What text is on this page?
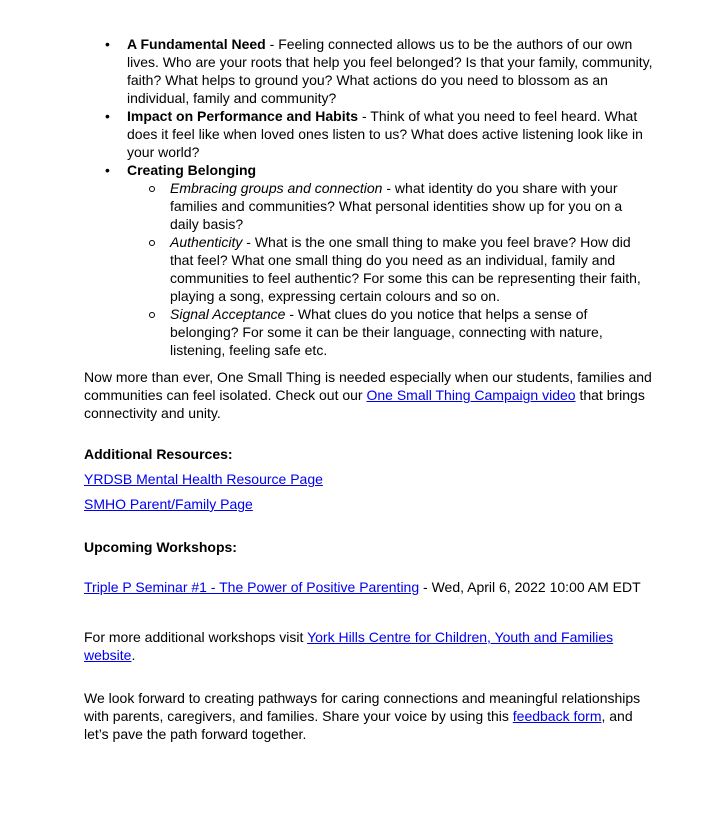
• A Fundamental Need - Feeling connected allows us to be the authors of our own lives. Who are your roots that help you feel belonged? Is that your family, community, faith? What helps to ground you? What actions do you need to blossom as an individual, family and community?
• Impact on Performance and Habits - Think of what you need to feel heard. What does it feel like when loved ones listen to us? What does active listening look like in your world?
• Creating Belonging
Embracing groups and connection - what identity do you share with your families and communities? What personal identities show up for you on a daily basis?
Authenticity - What is the one small thing to make you feel brave? How did that feel? What one small thing do you need as an individual, family and communities to feel authentic? For some this can be representing their faith, playing a song, expressing certain colours and so on.
Signal Acceptance - What clues do you notice that helps a sense of belonging? For some it can be their language, connecting with nature, listening, feeling safe etc.

Now more than ever, One Small Thing is needed especially when our students, families and communities can feel isolated. Check out our One Small Thing Campaign video that brings connectivity and unity.

Additional Resources:

YRDSB Mental Health Resource Page

SMHO Parent/Family Page

Upcoming Workshops:

Triple P Seminar #1 - The Power of Positive Parenting - Wed, April 6, 2022 10:00 AM EDT

For more additional workshops visit York Hills Centre for Children, Youth and Families website.

We look forward to creating pathways for caring connections and meaningful relationships with parents, caregivers, and families. Share your voice by using this feedback form, and let’s pave the path forward together.
